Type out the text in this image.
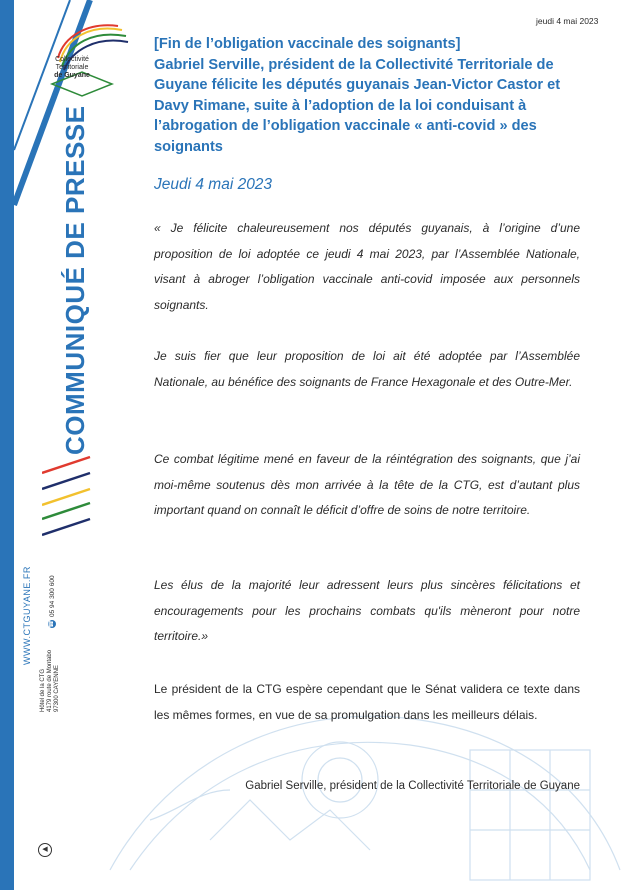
Collectivité
Territoriale
de Guyane
COMMUNIQUÉ DE PRESSE
WWW.CTGUYANE.FR	☎
05 94 300 600
Hôtel de la CTG 4179 route de Montabo 97300 CAYENNE
◀
jeudi 4 mai 2023
[Fin de l’obligation vaccinale des soignants]
Gabriel Serville, président de la Collectivité Territoriale de
Guyane félicite les députés guyanais Jean-Victor Castor et
Davy Rimane, suite à l’adoption de la loi conduisant à
l’abrogation de l’obligation vaccinale « anti-covid » des
soignants
Jeudi 4 mai 2023
« Je félicite chaleureusement nos députés guyanais, à l’origine d’une proposition de loi adoptée ce jeudi 4 mai 2023, par l’Assemblée Nationale, visant à abroger l’obligation vaccinale anti-covid imposée aux personnels soignants.
Je suis fier que leur proposition de loi ait été adoptée par l’Assemblée Nationale, au bénéfice des soignants de France Hexagonale et des Outre-Mer.
Ce combat légitime mené en faveur de la réintégration des soignants, que j’ai moi-même soutenus dès mon arrivée à la tête de la CTG, est d’autant plus important quand on connaît le déficit d’offre de soins de notre territoire.
Les élus de la majorité leur adressent leurs plus sincères félicitations et encouragements pour les prochains combats qu'ils mèneront pour notre territoire.»
Le président de la CTG espère cependant que le Sénat validera ce texte dans les mêmes formes, en vue de sa promulgation dans les meilleurs délais.
Gabriel Serville, président de la Collectivité Territoriale de Guyane
